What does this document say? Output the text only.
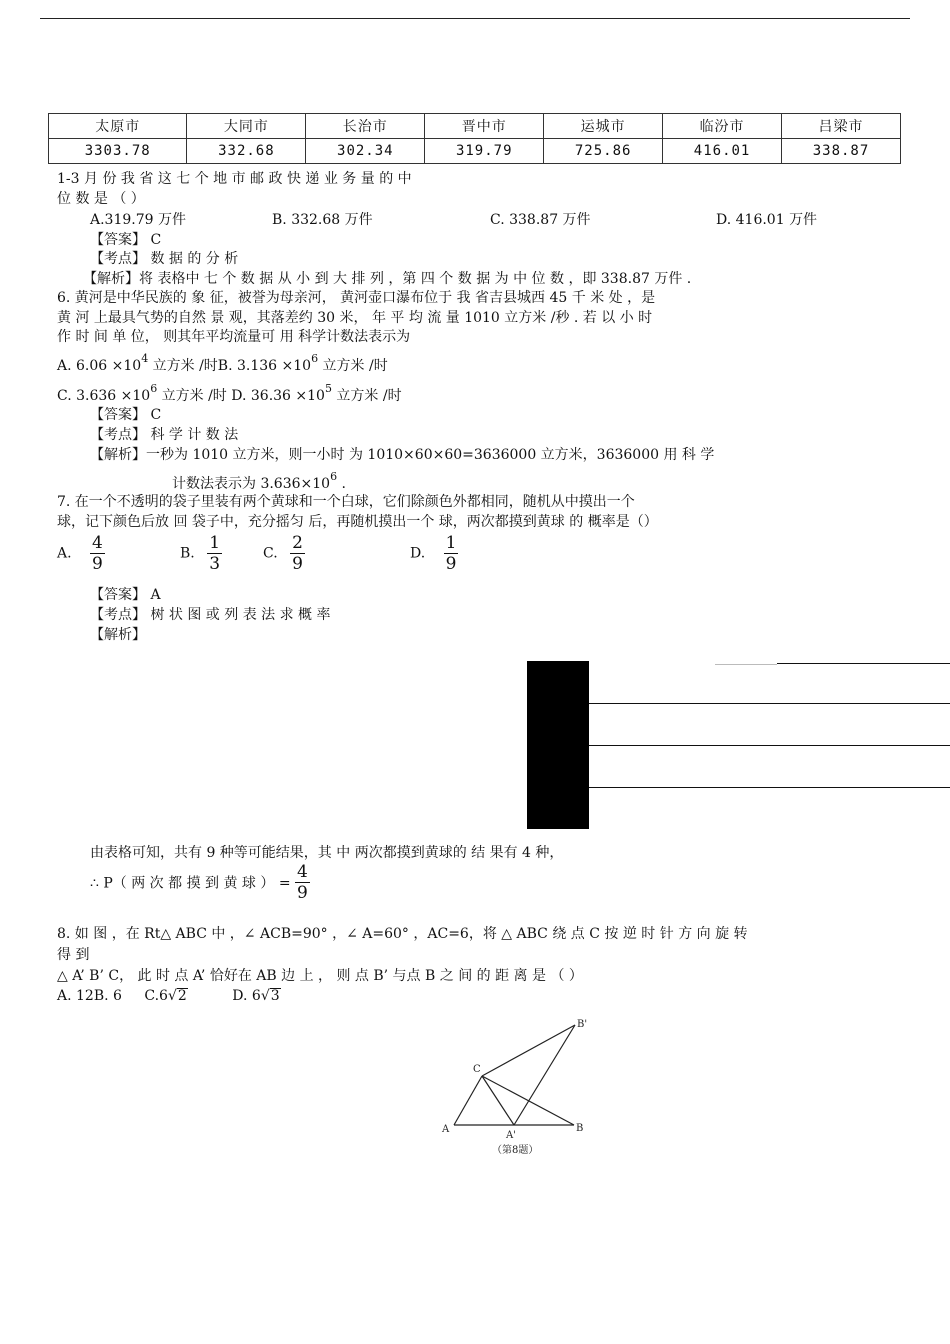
太原市	大同市	长治市	晋中市	运城市	临汾市	吕梁市
3303.78	332.68	302.34	319.79	725.86	416.01	338.87
1-3 月 份 我 省 这 七 个 地 市 邮 政 快 递 业 务 量 的 中
位 数 是 （ ）
A.319.79 万件	B. 332.68 万件	C. 338.87 万件	D. 416.01 万件
【答案】 C
【考点】 数 据 的 分 析
【解析】将 表格中 七 个 数 据 从 小 到 大 排 列 ，第 四 个 数 据 为 中 位 数 ，即 338.87 万件 .
6. 黄河是中华民族的 象 征，被誉为母亲河， 黄河壶口瀑布位于 我 省吉县城西 45 千 米 处 ，是
黄 河 上最具气势的自然 景 观，其落差约 30 米， 年 平 均 流 量 1010 立方米 /秒 . 若 以 小 时
作 时 间 单 位， 则其年平均流量可 用 科学计数法表示为
A. $6.06 \times 10^4$ 立方米 /时B. $3.136 \times 10^6$ 立方米 /时
C. $3.636 \times 10^6$ 立方米 /时 D. $36.36 \times 10^5$ 立方米 /时
【答案】 C
【考点】 科 学 计 数 法
【解析】一秒为 1010 立方米，则一小时 为 1010×60×60=3636000 立方米，3636000 用 科 学
计数法表示为 $3.636\times 10^6$ .
7. 在一个不透明的袋子里装有两个黄球和一个白球，它们除颜色外都相同，随机从中摸出一个
球，记下颜色后放 回 袋子中，充分摇匀 后，再随机摸出一个 球，两次都摸到黄球 的 概率是（）
A. $\frac{4}{9}$	B. $\frac{1}{3}$	C. $\frac{2}{9}$	D. $\frac{1}{9}$
【答案】 A
【考点】 树 状 图 或 列 表 法 求 概 率
【解析】
由表格可知，共有 9 种等可能结果，其 中 两次都摸到黄球的 结 果有 4 种，
∴ P（ 两 次 都 摸 到 黄 球 ） = $\frac{4}{9}$
8. 如 图 ，在 Rt△ ABC 中 ，∠ ACB=90° ，∠ A=60° ，AC=6，将 △ ABC 绕 点 C 按 逆 时 针 方 向 旋 转
得 到
△ A’ B’ C， 此 时 点 A’ 恰好在 AB 边 上 ， 则 点 B’ 与点 B 之 间 的 距 离 是 （ ）
A. 12B. 6 C.6√2	D. 6√3
A	B
C
A'
B'
（第8题）
